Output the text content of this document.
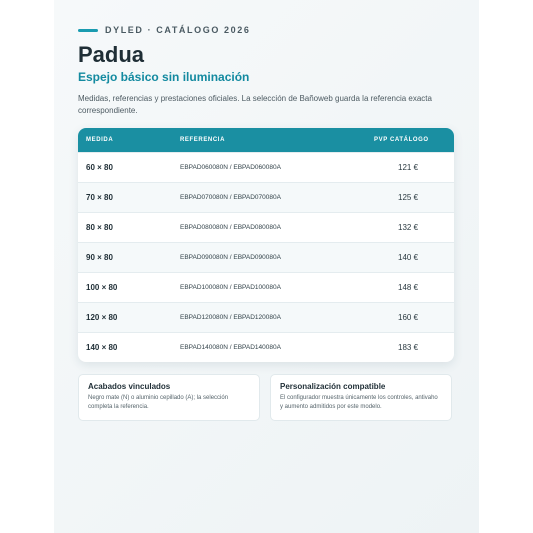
DYLED · CATÁLOGO 2026
Padua
Espejo básico sin iluminación
Medidas, referencias y prestaciones oficiales. La selección de Bañoweb guarda la referencia exacta correspondiente.
MEDIDA	REFERENCIA	PVP CATÁLOGO
60 × 80	EBPAD060080N / EBPAD060080A	121 €
70 × 80	EBPAD070080N / EBPAD070080A	125 €
80 × 80	EBPAD080080N / EBPAD080080A	132 €
90 × 80	EBPAD090080N / EBPAD090080A	140 €
100 × 80	EBPAD100080N / EBPAD100080A	148 €
120 × 80	EBPAD120080N / EBPAD120080A	160 €
140 × 80	EBPAD140080N / EBPAD140080A	183 €
Acabados vinculados
Negro mate (N) o aluminio cepillado (A); la selección completa la referencia.
Personalización compatible
El configurador muestra únicamente los controles, antivaho y aumento admitidos por este modelo.
